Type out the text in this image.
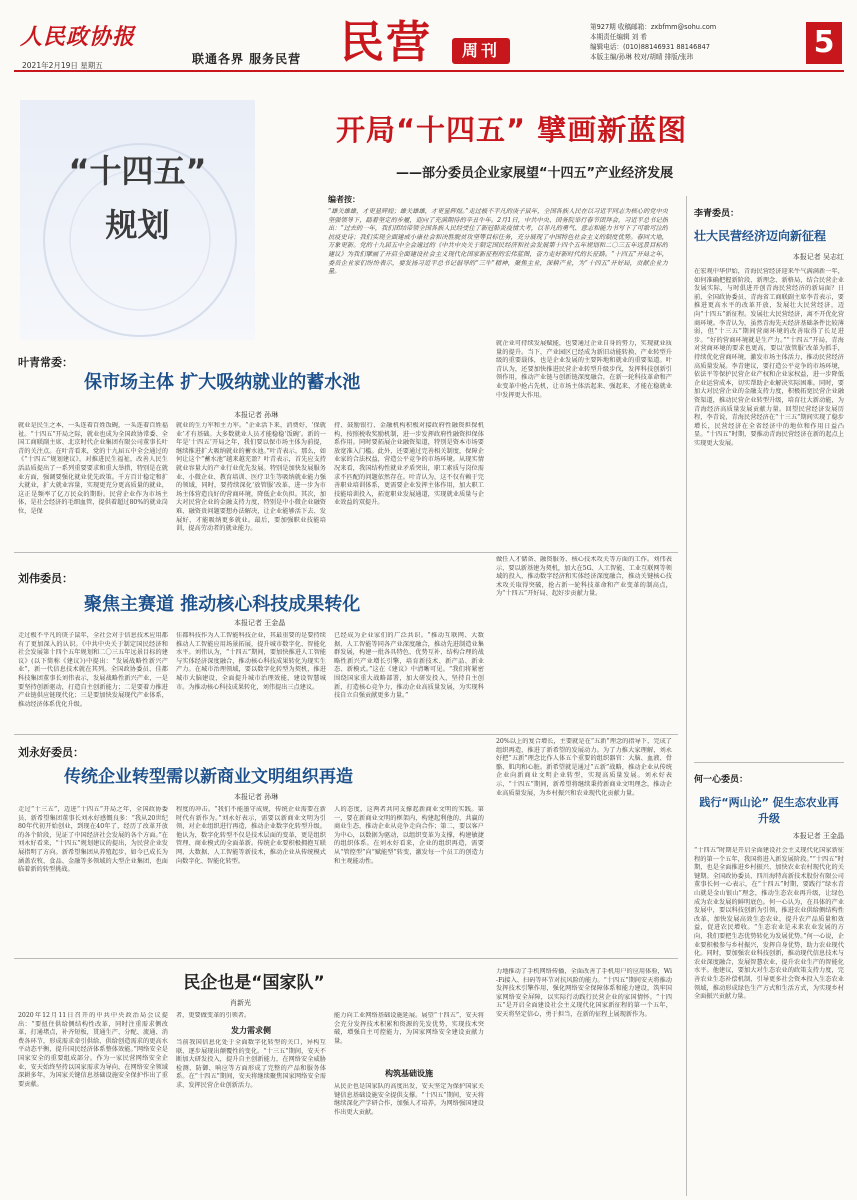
人民政协报
2021年2月19日 星期五	联通各界 服务民营 民营	周刊
第927期 收稿邮箱：zxbfmm@sohu.com
本期责任编辑 刘 希
编辑电话：(010)88146931 88146847
本版主编/孙琳 校对/胡晴 排版/张玮	5
“十四五”
规划
开局“十四五” 擘画新蓝图
——部分委员企业家展望“十四五”产业经济发展
编者按：
“雄关雄雄，才更显辉煌；雄关雄雄，才更显辉煌。”走过极不平凡的庚子鼠年，全国各族人民在以习近平同志为核心的党中央坚强领导下，踏着坚定的步履，迎向了充满期待的辛丑牛年。2月1日，中共中央、国务院举行春节团拜会，习近平总书记指出：“过去的一年，我们团结带领全国各族人民经受住了新冠肺炎疫情大考，以非凡的勇气、意志和能力书写下了可歌可泣的抗疫史诗；我们实现全面建成小康社会和决胜脱贫攻坚等目标任务，充分展现了中国特色社会主义的制度优势。春回大地，万象更新。党的十九届五中全会通过的《中共中央关于制定国民经济和社会发展第十四个五年规划和二〇三五年远景目标的建议》为我们擘画了开启全面建设社会主义现代化国家新征程的宏伟蓝图，奋力走好新时代的长征路。“十四五”开局之年，委员企业家们纷纷表示，要发扬习近平总书记倡导的“三牛”精神，聚焦主业，深耕产业，为“十四五”开好局，贡献企业力量。
李青委员：
壮大民营经济迈向新征程
本报记者 吴志红
在宏观中华伊始，青海民营经济迎来牛气满满新一年，如何准确把握新阶段、新理念、新格局，结合民营企业发展实际，与时俱进开创青海民营经济的新局面？日前，全国政协委员、青海省工商联副主席李青表示，要推进更高水平的改革开放，发展壮大民营经济，迈向“十四五”新征程。发展壮大民营经济，离不开优化营商环境。李青认为，虽然青海先天经济基础条件比较薄弱，但“十三五”期间营商环境的改善取得了长足进步。“好的营商环境就是生产力。”“十四五”开局，青海对营商环境的要求也更高，要以‘放管服’改革为抓手，持续优化营商环境，激发市场主体活力，推动民营经济高质量发展。李青建议，要打造公平竞争的市场环境，依法平等保护民营企业产权和企业家权益，进一步降低企业运营成本，切实帮助企业解决实际困难。同时，要加大对民营企业的金融支持力度，积极拓宽民营企业融资渠道，推动民营企业转型升级，培育壮大新动能，为青海经济高质量发展贡献力量。回望民营经济发展历程，李青说，青海民营经济在“十三五”期间实现了稳步增长，民营经济在全省经济中的地位和作用日益凸显。“十四五”时期，要推动青海民营经济在新的起点上实现更大发展。
何一心委员：
践行“两山论” 促生态农业再升级
本报记者 王金晶
“十四五”时期是开启全面建设社会主义现代化国家新征程的第一个五年，我国将进入新发展阶段。”“十四五”时期，也是全面推进乡村振兴、加快农业农村现代化的关键期。全国政协委员、四川海特高新技术股份有限公司董事长何一心表示，在“十四五”时期，要践行“绿水青山就是金山银山”理念，推动生态农业再升级，让绿色成为农业发展的鲜明底色。何一心认为，在具体的产业发展中，要以科技创新为引领，推进农业供给侧结构性改革，加快发展高效生态农业，提升农产品质量和效益，促进农民增收。“生态农业是未来农业发展的方向，我们要把生态优势转化为发展优势。”何一心说，企业要积极参与乡村振兴，发挥自身优势，助力农业现代化。同时，要加强农业科技创新，推动现代信息技术与农业深度融合，发展智慧农业，提升农业生产的智能化水平。他建议，要加大对生态农业的政策支持力度，完善农业生态补偿机制，引导更多社会资本投入生态农业领域，推动形成绿色生产方式和生活方式，为实现乡村全面振兴贡献力量。
叶青常委：
保市场主体 扩大吸纳就业的蓄水池
本报记者 孙琳
就业是民生之本，一头连着百姓饭碗，一头连着百姓福祉。“十四五”开局之际，就业也成为全国政协常委、全国工商联副主席、北京时代企业集团有限公司董事长叶青的关注点。在叶青看来，党的十九届五中全会通过的《“十四五”规划建议》，对推进民生福祉，改善人民生活品质提出了一系列重要要求和重大举措，特别是在就业方面，强调要强化就业优先政策。千方百计稳定和扩大就业，扩大就业容量，实现更充分更高质量的就业，这正是频率了亿万民众的期盼。民营企业作为市场主体，是社会经济的毛细血管，提供着超过80%的就业岗位，是保
就业的生力军和主力军。“企业活下来，消费好，‘保就业’才有基础。大多数就业人员才能稳稳‘饭碗’。新的一年是‘十四五’开局之年，我们要以保市场主体为前提，继续推进扩大吸纳就业的蓄水池。”叶青表示。那么，如何让这个“蓄水池”越来越充盈？叶青表示，首先应支持就业容量大的产业行业优先发展。特别是加快发展服务业、小微企业、教育培训、医疗卫生等吸纳就业能力强的领域，同时，要持续深化‘放管服’改革，进一步为市场主体营造良好的营商环境，降低企业负担。其次，加大对民营企业的金融支持力度，特别是中小微企业融资难、融资贵问题要想办法解决，让企业能够活下去、发展好，才能吸纳更多就业。最后，要加强职业技能培训，提高劳动者的就业能力。
持、鼓励银行、金融机构积极对接政府性融资担保机构，按照税收奖励机制，进一步发挥政府性融资担保体系作用。同时要拓展企业融资渠道，特别是资本市场要放宽准入门槛。此外，还要通过完善相关制度，保障企业家的合法权益，营造公平竞争的市场环境。从现实情况来看，我国结构性就业矛盾突出，职工素质与岗位需求不匹配的问题依然存在。叶青认为，这不仅有赖于完善职业培训体系，更需要企业发挥主体作用，加大职工技能培训投入，拓宽职业发展通道，实现就业质量与企业效益的双提升。
就企业可持续发展赋能，也要通过企业自身的努力，实现就业质量的提升。当下，产业园区已经成为新旧动能转换、产业转型升级的重要载体，也是企业发展的主要阵地和就业的重要渠道。叶青认为，还要加快推进民营企业转型升级步伐，发挥科技创新引领作用，推动产业链与创新链深度融合，在新一轮科技革命和产业变革中抢占先机，让市场主体活起来、强起来，才能在稳就业中发挥更大作用。
刘伟委员：
聚焦主赛道 推动核心科技成果转化
本报记者 王金晶
走过极不平凡的庚子鼠年，全社会对于信息技术应用都有了更加深入的认识。《中共中央关于制定国民经济和社会发展第十四个五年规划和二〇三五年远景目标的建议》(以下简称《建议》)中提出：“发展战略性新兴产业”，新一代信息技术就在其列。全国政协委员、佳都科技集团董事长刘伟表示，发展战略性新兴产业，一是要坚持创新驱动，打造自主创新能力；二是要着力推进产业链供应链现代化；三是要加快发展现代产业体系，推动经济体系优化升级。
佳都科技作为人工智能科技企业，其最重要的是要持续推动人工智能应用场景拓展，提升城市数字化、智能化水平。刘伟认为，“十四五”期间，要加快推进人工智能与实体经济深度融合，推动核心科技成果转化为现实生产力。在城市治理领域，要以数字化转型为契机，推进城市大脑建设，全面提升城市治理效能，建设智慧城市。为推动核心科技成果转化，刘伟提出三点建议。
已经成为企业家们的广泛共识。“推动互联网、大数据、人工智能等同各产业深度融合，推动先进制造业集群发展，构建一批各具特色、优势互补、结构合理的战略性新兴产业增长引擎，培育新技术、新产品、新业态、新模式。”这在《建议》中清晰可见。“我们将紧密围绕国家重大战略部署，加大研发投入，坚持自主创新，打造核心竞争力，推动企业高质量发展，为实现科技自立自强贡献更多力量。”
做任人才储备、融资服务、核心技术攻关等方面的工作。刘伟表示，要以新基建为契机，加大在5G、人工智能、工业互联网等领域的投入，推动数字经济和实体经济深度融合，推动关键核心技术攻关取得突破，抢占新一轮科技革命和产业变革的制高点，为“十四五”开好局、起好步贡献力量。
刘永好委员：
传统企业转型需以新商业文明组织再造
本报记者 孙琳
走过“十三五”，迈进“十四五”开局之年，全国政协委员、新希望集团董事长刘永好感慨良多：“我从20世纪80年代初开始创业，到现在40年了，经历了改革开放的各个阶段，见证了中国经济社会发展的各个方面。”在刘永好看来，“十四五”规划建议的提出，为民营企业发展指明了方向。新希望集团从养殖起步，如今已成长为涵盖农牧、食品、金融等多领域的大型企业集团，也面临着新的转型挑战。
程度的冲击。“我们不能墨守成规，传统企业需要在新时代有新作为。”刘永好表示，需要以新商业文明为引领，对企业组织进行再造，推动企业数字化转型升级。他认为，数字化转型不仅是技术层面的变革，更是组织管理、商业模式的全面革新。传统企业要积极拥抱互联网、大数据、人工智能等新技术，推动企业从传统模式向数字化、智能化转型。
人的态度，这两者共同支撑起新商业文明的实践。第一，要在新商业文明的框架内，构建起利他的、共赢的商业生态，推动企业从竞争走向合作；第二，要以客户为中心，以数据为驱动，以组织变革为支撑，构建敏捷的组织体系。在刘永好看来，企业的组织再造，需要从“管控型”向“赋能型”转变，激发每一个员工的创造力和主观能动性。
20%以上的复合增长，主要就是在“五新”理念的指导下，完成了组织再造，推进了新希望的发展动力。为了力推大家理解，刘永好把“五新”理念比作人体五个重要的组织器官：大脑、血液、骨骼、肌肉和心脏。新希望就是通过“五新”战略，推动企业从传统企业向新商业文明企业转型，实现高质量发展。刘永好表示，“十四五”期间，新希望将继续秉持新商业文明理念，推动企业高质量发展，为乡村振兴和农业现代化贡献力量。
民企也是“国家队”
肖新光
2020年12月11日召开的中共中央政治局会议提出：“要扭住供给侧结构性改革，同时注重需求侧改革，打通堵点，补齐短板，贯通生产、分配、流通、消费各环节，形成需求牵引供给、供给创造需求的更高水平动态平衡，提升国民经济体系整体效能。”网络安全是国家安全的重要组成部分。作为一家民营网络安全企业，安天始终坚持以国家需求为导向，在网络安全领域深耕多年，为国家关键信息基础设施安全保护作出了重要贡献。
者，更要做变革的引领者。
发力需求侧
当前我国信息化处于全面数字化转型的关口，异构互联、逐步展现出颠覆性的变化。“十三五”期间，安天不断加大研发投入，提升自主创新能力，在网络安全威胁检测、防御、响应等方面形成了完整的产品和服务体系。在“十四五”期间，安天将继续聚焦国家网络安全需求，发挥民营企业创新活力。
能力向工业网络基础设施延展。展望“十四五”，安天将会充分发挥技术积累和资源的先发优势，实现技术突破，增强自主可控能力，为国家网络安全建设贡献力量。
构筑基础设施
从民企也是国家队的高度出发，安天坚定为保护国家关键信息基础设施安全提供支撑。“十四五”期间，安天将继续深化产学研合作，加强人才培养，为网络强国建设作出更大贡献。
力地推动了手机网络传播，全面改善了手机用户的应用体验，Wi-Fi接入、扫码等环节对抗风险的能力。“十四五”期间安天将推动发挥技术引擎作用，强化网络安全保障体系和能力建设，筑牢国家网络安全屏障，以实际行动践行民营企业的家国情怀。“十四五”是开启全面建设社会主义现代化国家新征程的第一个五年，安天将坚定信心，勇于担当，在新的征程上展现新作为。
